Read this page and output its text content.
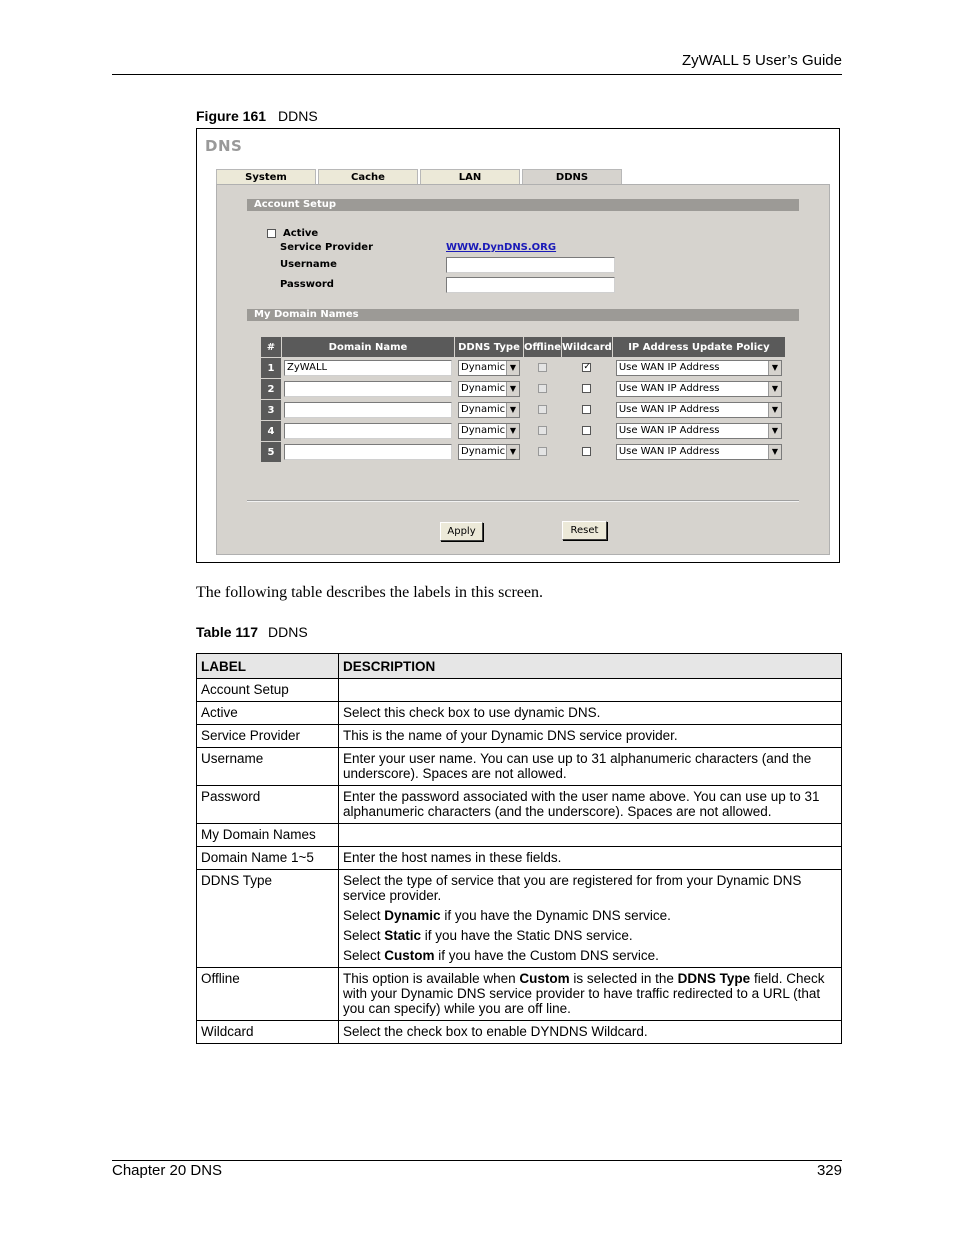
ZyWALL 5 User’s Guide
Figure 161 DDNS
DNS
System	Cache	LAN	DDNS
Account Setup
Active
Service Provider	WWW.DynDNS.ORG
Username
Password
My Domain Names
#	Domain Name	DDNS Type	Offline	Wildcard	IP Address Update Policy
1	ZyWALL	Dynamic ▼		✓	Use WAN IP Address ▼

2		Dynamic ▼			Use WAN IP Address ▼

3		Dynamic ▼			Use WAN IP Address ▼

4		Dynamic ▼			Use WAN IP Address ▼

5		Dynamic ▼			Use WAN IP Address ▼
Apply	Reset
The following table describes the labels in this screen.
Table 117 DDNS
LABEL	DESCRIPTION
Account Setup	
Active	Select this check box to use dynamic DNS.

Service Provider	This is the name of your Dynamic DNS service provider.

Username	Enter your user name. You can use up to 31 alphanumeric characters (and the underscore). Spaces are not allowed.

Password	Enter the password associated with the user name above. You can use up to 31 alphanumeric characters (and the underscore). Spaces are not allowed.

My Domain Names	
Domain Name 1~5	Enter the host names in these fields.

DDNS Type	Select the type of service that you are registered for from your Dynamic DNS service provider.

Select Dynamic if you have the Dynamic DNS service.

Select Static if you have the Static DNS service.

Select Custom if you have the Custom DNS service.

Offline	This option is available when Custom is selected in the DDNS Type field. Check with your Dynamic DNS service provider to have traffic redirected to a URL (that you can specify) while you are off line.

Wildcard	Select the check box to enable DYNDNS Wildcard.

Chapter 20 DNS	329
